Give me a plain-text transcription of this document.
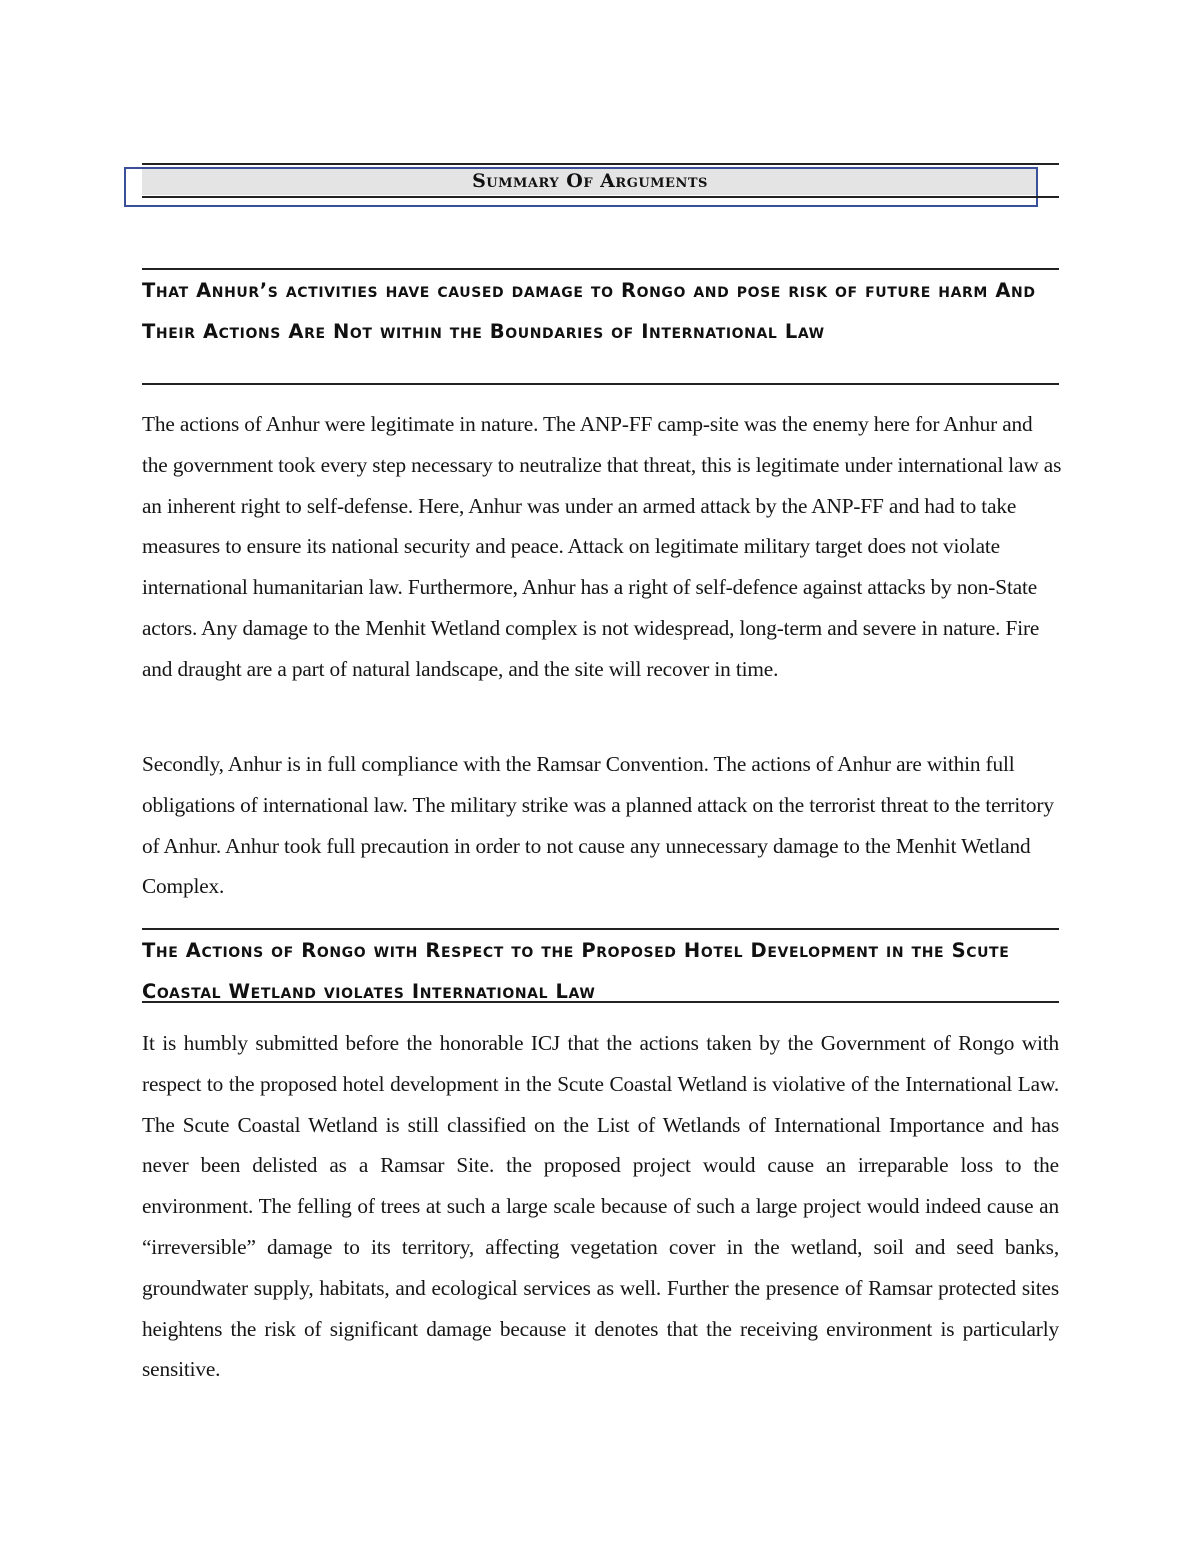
Summary Of Arguments
That Anhur’s activities have caused damage to Rongo and pose risk of future harm And Their Actions Are Not within the Boundaries of International Law

The actions of Anhur were legitimate in nature. The ANP-FF camp-site was the enemy here for Anhur and the government took every step necessary to neutralize that threat, this is legitimate under international law as an inherent right to self-defense. Here, Anhur was under an armed attack by the ANP-FF and had to take measures to ensure its national security and peace. Attack on legitimate military target does not violate international humanitarian law. Furthermore, Anhur has a right of self-defence against attacks by non-State actors. Any damage to the Menhit Wetland complex is not widespread, long-term and severe in nature. Fire and draught are a part of natural landscape, and the site will recover in time.

Secondly, Anhur is in full compliance with the Ramsar Convention. The actions of Anhur are within full obligations of international law. The military strike was a planned attack on the terrorist threat to the territory of Anhur. Anhur took full precaution in order to not cause any unnecessary damage to the Menhit Wetland Complex.

The Actions of Rongo with Respect to the Proposed Hotel Development in the Scute Coastal Wetland violates International Law

It is humbly submitted before the honorable ICJ that the actions taken by the Government of Rongo with respect to the proposed hotel development in the Scute Coastal Wetland is violative of the International Law. The Scute Coastal Wetland is still classified on the List of Wetlands of International Importance and has never been delisted as a Ramsar Site. the proposed project would cause an irreparable loss to the environment. The felling of trees at such a large scale because of such a large project would indeed cause an “irreversible” damage to its territory, affecting vegetation cover in the wetland, soil and seed banks, groundwater supply, habitats, and ecological services as well. Further the presence of Ramsar protected sites heightens the risk of significant damage because it denotes that the receiving environment is particularly sensitive.
